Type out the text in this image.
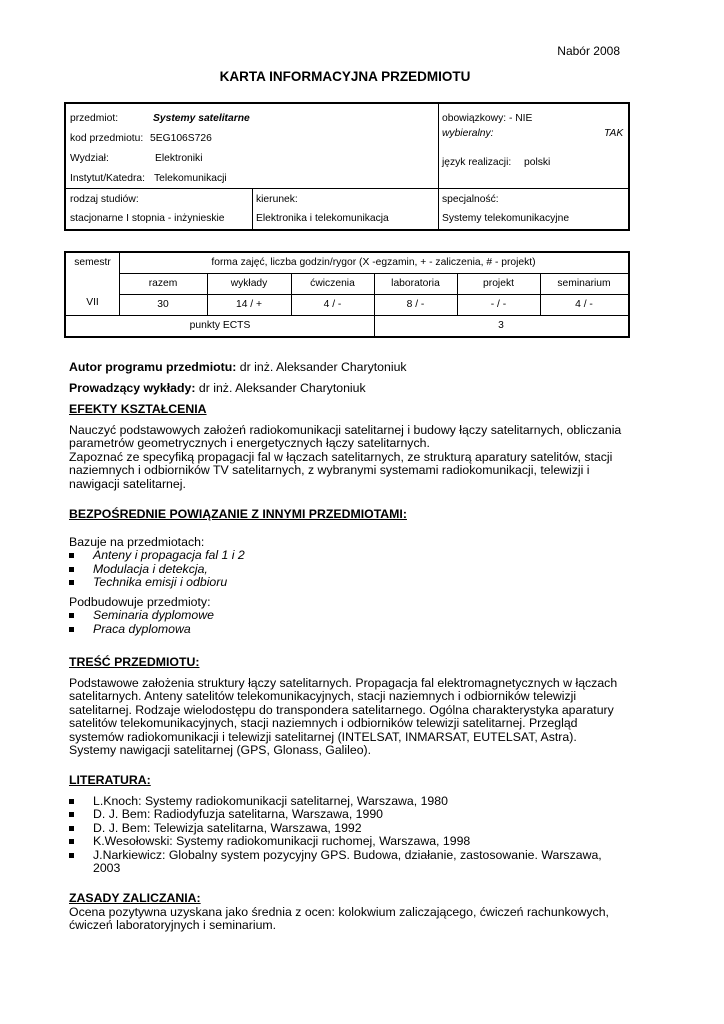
Nabór 2008
KARTA INFORMACYJNA PRZEDMIOTU
przedmiot:	Systemy satelitarne
kod przedmiotu: 5EG106S726
Wydział:	Elektroniki
Instytut/Katedra: Telekomunikacji
obowiązkowy: - NIE
wybieralny:	TAK
język realizacji: polski
rodzaj studiów:
stacjonarne I stopnia - inżynieskie
kierunek:
Elektronika i telekomunikacja
specjalność:
Systemy telekomunikacyjne
semestr	forma zajęć, liczba godzin/rygor (X -egzamin, + - zaliczenia, # - projekt)
razem	wykłady	ćwiczenia	laboratoria	projekt	seminarium
VII	30	14 / +	4 / -	8 / -	- / -	4 / -
punkty ECTS	3
Autor programu przedmiotu: dr inż. Aleksander Charytoniuk
Prowadzący wykłady: dr inż. Aleksander Charytoniuk
EFEKTY KSZTAŁCENIA
Nauczyć podstawowych założeń radiokomunikacji satelitarnej i budowy łączy satelitarnych, obliczania
parametrów geometrycznych i energetycznych łączy satelitarnych.
Zapoznać ze specyfiką propagacji fal w łączach satelitarnych, ze strukturą aparatury satelitów, stacji
naziemnych i odbiorników TV satelitarnych, z wybranymi systemami radiokomunikacji, telewizji i
nawigacji satelitarnej.
BEZPOŚREDNIE POWIĄZANIE Z INNYMI PRZEDMIOTAMI:
Bazuje na przedmiotach:
Anteny i propagacja fal 1 i 2
Modulacja i detekcja,
Technika emisji i odbioru
Podbudowuje przedmioty:
Seminaria dyplomowe
Praca dyplomowa
TREŚĆ PRZEDMIOTU:
Podstawowe założenia struktury łączy satelitarnych. Propagacja fal elektromagnetycznych w łączach
satelitarnych. Anteny satelitów telekomunikacyjnych, stacji naziemnych i odbiorników telewizji
satelitarnej. Rodzaje wielodostępu do transpondera satelitarnego. Ogólna charakterystyka aparatury
satelitów telekomunikacyjnych, stacji naziemnych i odbiorników telewizji satelitarnej. Przegląd
systemów radiokomunikacji i telewizji satelitarnej (INTELSAT, INMARSAT, EUTELSAT, Astra).
Systemy nawigacji satelitarnej (GPS, Glonass, Galileo).
LITERATURA:
L.Knoch: Systemy radiokomunikacji satelitarnej, Warszawa, 1980
D. J. Bem: Radiodyfuzja satelitarna, Warszawa, 1990
D. J. Bem: Telewizja satelitarna, Warszawa, 1992
K.Wesołowski: Systemy radiokomunikacji ruchomej, Warszawa, 1998
J.Narkiewicz: Globalny system pozycyjny GPS. Budowa, działanie, zastosowanie. Warszawa,
2003
ZASADY ZALICZANIA:
Ocena pozytywna uzyskana jako średnia z ocen: kolokwium zaliczającego, ćwiczeń rachunkowych,
ćwiczeń laboratoryjnych i seminarium.
